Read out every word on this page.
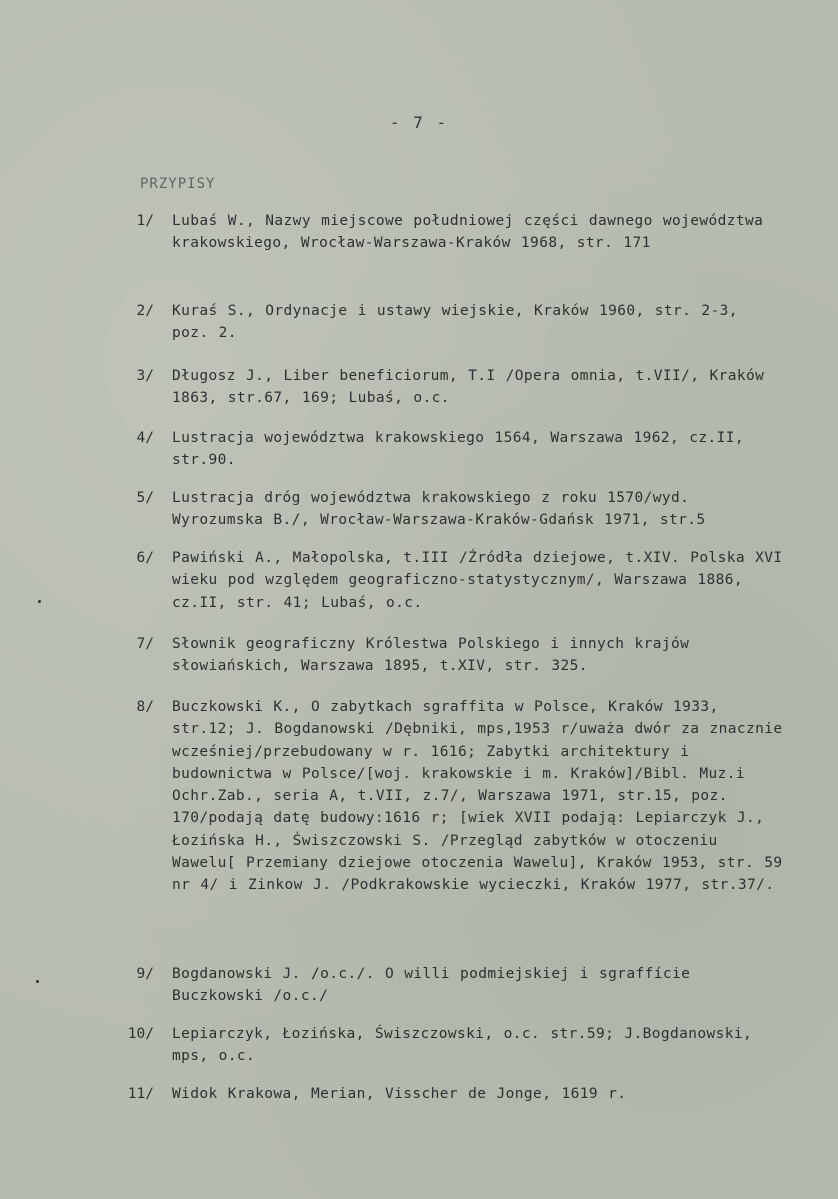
- 7 -
PRZYPISY
1/ Lubaś W., Nazwy miejscowe południowej części dawnego województwa krakowskiego, Wrocław-Warszawa-Kraków 1968, str. 171
2/ Kuraś S., Ordynacje i ustawy wiejskie, Kraków 1960, str. 2-3, poz. 2.
3/ Długosz J., Liber beneficiorum, T.I /Opera omnia, t.VII/, Kraków 1863, str.67, 169; Lubaś, o.c.
4/ Lustracja województwa krakowskiego 1564, Warszawa 1962, cz.II, str.90.
5/ Lustracja dróg województwa krakowskiego z roku 1570/wyd. Wyrozumska B./, Wrocław-Warszawa-Kraków-Gdańsk 1971, str.5
6/ Pawiński A., Małopolska, t.III /Źródła dziejowe, t.XIV. Polska XVI wieku pod względem geograficzno-statystycznym/, Warszawa 1886, cz.II, str. 41; Lubaś, o.c.
7/ Słownik geograficzny Królestwa Polskiego i innych krajów słowiańskich, Warszawa 1895, t.XIV, str. 325.
8/ Buczkowski K., O zabytkach sgraffita w Polsce, Kraków 1933, str.12; J. Bogdanowski /Dębniki, mps,1953 r/uważa dwór za znacznie wcześniej/przebudowany w r. 1616; Zabytki architektury i budownictwa w Polsce/[woj. krakowskie i m. Kraków]/Bibl. Muz.i Ochr.Zab., seria A, t.VII, z.7/, Warszawa 1971, str.15, poz. 170/podają datę budowy:1616 r; [wiek XVII podają: Lepiarczyk J., Łozińska H., Świszczowski S. /Przegląd zabytków w otoczeniu Wawelu[ Przemiany dziejowe otoczenia Wawelu], Kraków 1953, str. 59 nr 4/ i Zinkow J. /Podkrakowskie wycieczki, Kraków 1977, str.37/.
9/ Bogdanowski J. /o.c./. O willi podmiejskiej i sgraffície Buczkowski /o.c./
10/ Lepiarczyk, Łozińska, Świszczowski, o.c. str.59; J.Bogdanowski, mps, o.c.
11/ Widok Krakowa, Merian, Visscher de Jonge, 1619 r.
